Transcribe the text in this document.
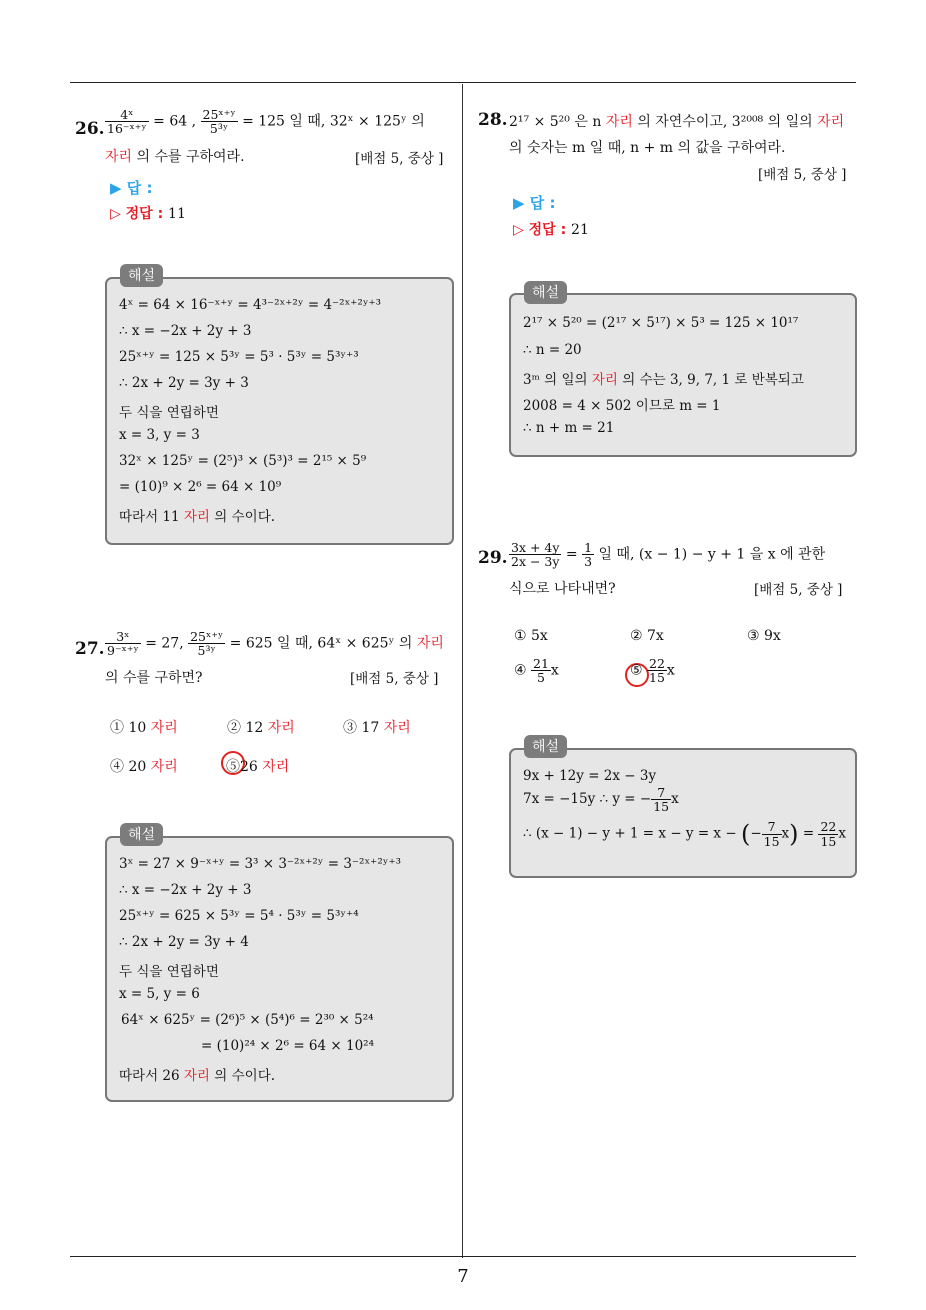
26. $\frac{\text{4ˣ}}{\text{16⁻ˣ⁺ʸ}} = 64$ , $\frac{\text{25ˣ⁺ʸ}}{\text{5³ʸ}} = 125$ 일 때, 32ˣ × 125ʸ 의
자리 의 수를 구하여라.	[배점 5, 중상 ]
▶ 답 :
▷ 정답 : 11
4ˣ = 64 × 16⁻ˣ⁺ʸ = 4³⁻²ˣ⁺²ʸ = 4⁻²ˣ⁺²ʸ⁺³
∴ x = −2x + 2y + 3
25ˣ⁺ʸ = 125 × 5³ʸ = 5³ · 5³ʸ = 5³ʸ⁺³
∴ 2x + 2y = 3y + 3
두 식을 연립하면
x = 3, y = 3
32ˣ × 125ʸ = (2⁵)³ × (5³)³ = 2¹⁵ × 5⁹
= (10)⁹ × 2⁶ = 64 × 10⁹
따라서 11 자리 의 수이다.
해설
27. $\frac{\text{3ˣ}}{\text{9⁻ˣ⁺ʸ}} = 27$, $\frac{\text{25ˣ⁺ʸ}}{\text{5³ʸ}} = 625$ 일 때, 64ˣ × 625ʸ 의 자리
의 수를 구하면?	[배점 5, 중상 ]
① 10 자리	② 12 자리	③ 17 자리
④ 20 자리	⑤26 자리
3ˣ = 27 × 9⁻ˣ⁺ʸ = 3³ × 3⁻²ˣ⁺²ʸ = 3⁻²ˣ⁺²ʸ⁺³
∴ x = −2x + 2y + 3
25ˣ⁺ʸ = 625 × 5³ʸ = 5⁴ · 5³ʸ = 5³ʸ⁺⁴
∴ 2x + 2y = 3y + 4
두 식을 연립하면
x = 5, y = 6
64ˣ × 625ʸ = (2⁶)⁵ × (5⁴)⁶ = 2³⁰ × 5²⁴
= (10)²⁴ × 2⁶ = 64 × 10²⁴
따라서 26 자리 의 수이다.
해설
28. 2¹⁷ × 5²⁰ 은 n 자리 의 자연수이고, 3²⁰⁰⁸ 의 일의 자리
의 숫자는 m 일 때, n + m 의 값을 구하여라.
[배점 5, 중상 ]
▶ 답 :
▷ 정답 : 21
2¹⁷ × 5²⁰ = (2¹⁷ × 5¹⁷) × 5³ = 125 × 10¹⁷
∴ n = 20
3ᵐ 의 일의 자리 의 수는 3, 9, 7, 1 로 반복되고
2008 = 4 × 502 이므로 m = 1
∴ n + m = 21
해설
29. $\frac{3x + 4y}{2x - 3y} = \frac{1}{3}$ 일 때, (x − 1) − y + 1 을 x 에 관한
식으로 나타내면?	[배점 5, 중상 ]
① 5x	② 7x	③ 9x
④ $\frac{21}{5}$ x	⑤ $\frac{22}{15}$ x
9x + 12y = 2x − 3y
7x = −15y ∴ y = − $\frac{7}{15}$ x
∴ (x − 1) − y + 1 = x − y = x − (− $\frac{7}{15} x) = \frac{22}{15}$ x
해설
7
